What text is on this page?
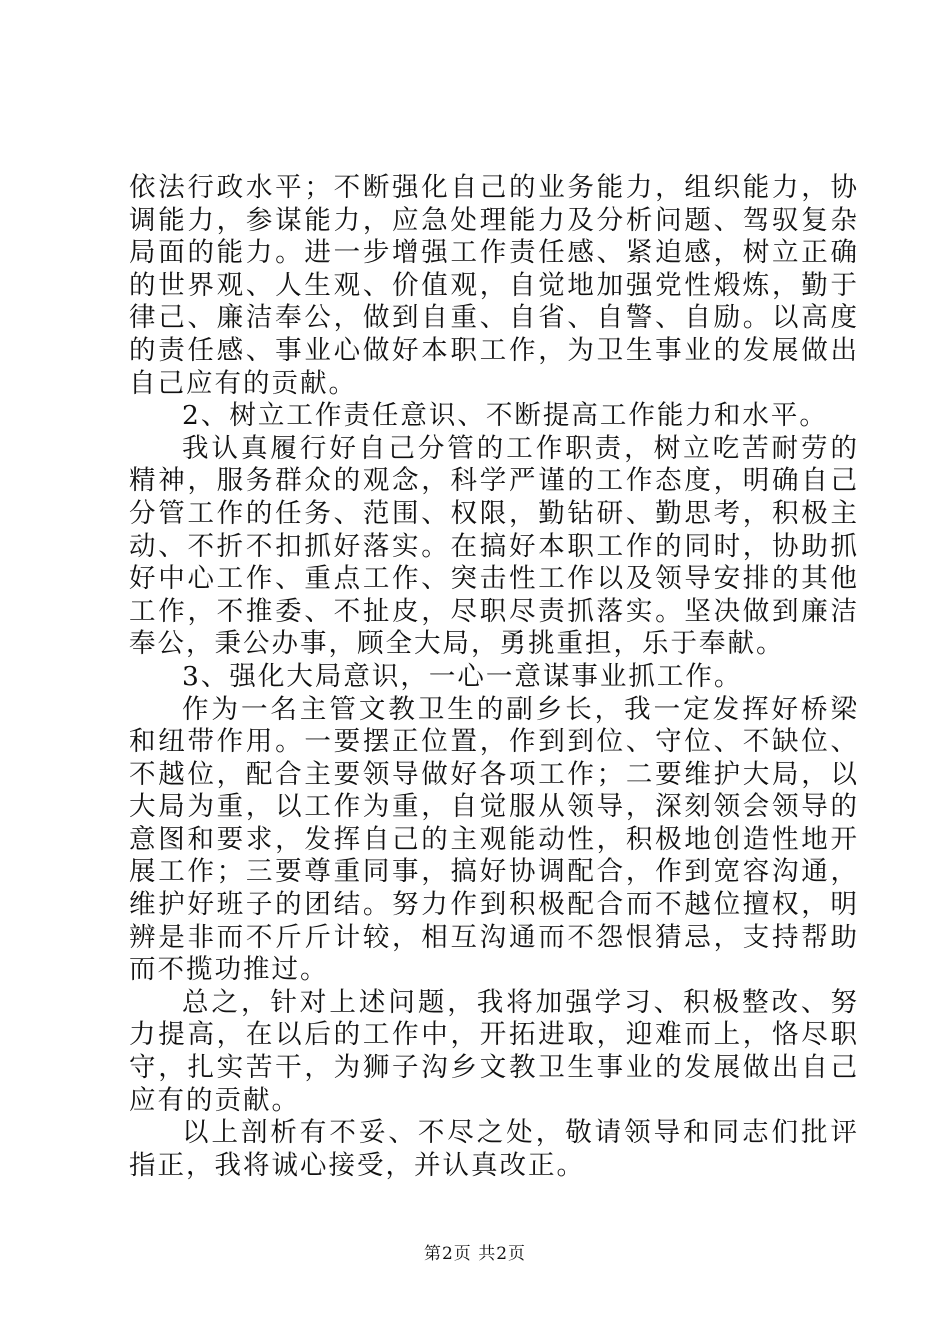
依法行政水平；不断强化自己的业务能力，组织能力，协调能力，参谋能力，应急处理能力及分析问题、驾驭复杂局面的能力。进一步增强工作责任感、紧迫感，树立正确的世界观、人生观、价值观，自觉地加强党性煅炼，勤于律己、廉洁奉公，做到自重、自省、自警、自励。以高度的责任感、事业心做好本职工作，为卫生事业的发展做出自己应有的贡献。

2、树立工作责任意识、不断提高工作能力和水平。

我认真履行好自己分管的工作职责，树立吃苦耐劳的精神，服务群众的观念，科学严谨的工作态度，明确自己分管工作的任务、范围、权限，勤钻研、勤思考，积极主动、不折不扣抓好落实。在搞好本职工作的同时，协助抓好中心工作、重点工作、突击性工作以及领导安排的其他工作，不推委、不扯皮，尽职尽责抓落实。坚决做到廉洁奉公，秉公办事，顾全大局，勇挑重担，乐于奉献。

3、强化大局意识，一心一意谋事业抓工作。

作为一名主管文教卫生的副乡长，我一定发挥好桥梁和纽带作用。一要摆正位置，作到到位、守位、不缺位、不越位，配合主要领导做好各项工作；二要维护大局，以大局为重，以工作为重，自觉服从领导，深刻领会领导的意图和要求，发挥自己的主观能动性，积极地创造性地开展工作；三要尊重同事，搞好协调配合，作到宽容沟通，维护好班子的团结。努力作到积极配合而不越位擅权，明辨是非而不斤斤计较，相互沟通而不怨恨猜忌，支持帮助而不揽功推过。

总之，针对上述问题，我将加强学习、积极整改、努力提高，在以后的工作中，开拓进取，迎难而上，恪尽职守，扎实苦干，为狮子沟乡文教卫生事业的发展做出自己应有的贡献。

以上剖析有不妥、不尽之处，敬请领导和同志们批评指正，我将诚心接受，并认真改正。

第2页 共2页
